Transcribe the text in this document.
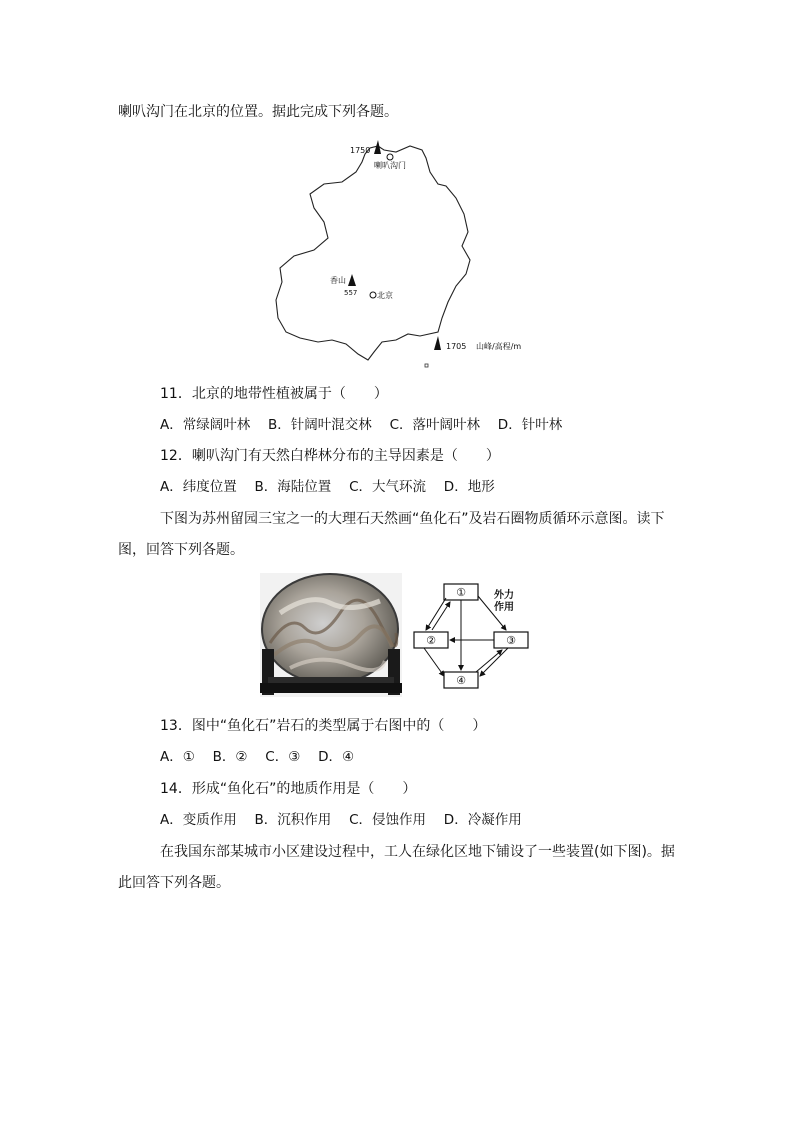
喇叭沟门在北京的位置。据此完成下列各题。
1750
喇叭沟门
香山
557 北京
1705 山峰/高程/m
11．北京的地带性植被属于（　　）
A．常绿阔叶林　 B．针阔叶混交林　 C．落叶阔叶林　 D．针叶林
12．喇叭沟门有天然白桦林分布的主导因素是（　　）
A．纬度位置　 B．海陆位置　 C．大气环流　 D．地形
下图为苏州留园三宝之一的大理石天然画“鱼化石”及岩石圈物质循环示意图。读下
图，回答下列各题。
①
②	③
④
外力
作用
13．图中“鱼化石”岩石的类型属于右图中的（　　）
A．①　 B．②　 C．③　 D．④
14．形成“鱼化石”的地质作用是（　　）
A．变质作用　 B．沉积作用　 C．侵蚀作用　 D．冷凝作用
在我国东部某城市小区建设过程中，工人在绿化区地下铺设了一些装置(如下图)。据
此回答下列各题。
